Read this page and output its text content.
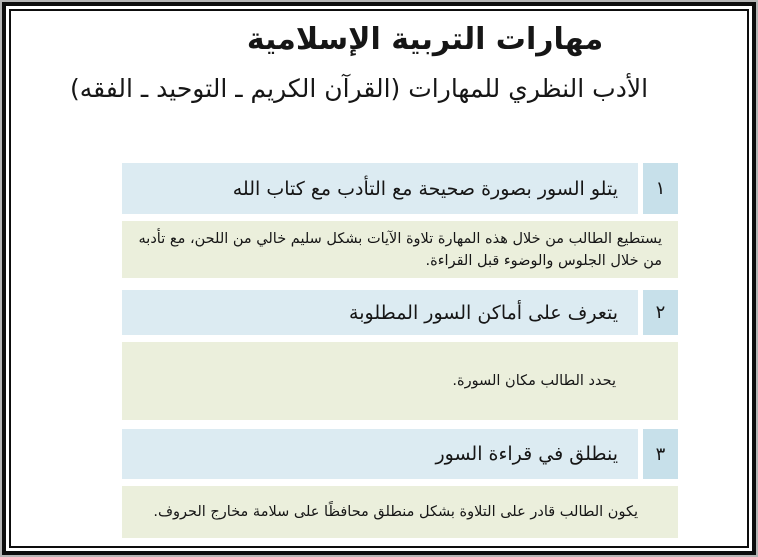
مهارات التربية الإسلامية
الأدب النظري للمهارات (القرآن الكريم ـ التوحيد ـ الفقه)
١
يتلو السور بصورة صحيحة مع التأدب مع كتاب الله
يستطيع الطالب من خلال هذه المهارة تلاوة الآيات بشكل سليم خالي من اللحن، مع تأدبه من خلال الجلوس والوضوء قبل القراءة.
٢
يتعرف على أماكن السور المطلوبة
يحدد الطالب مكان السورة.
٣
ينطلق في قراءة السور
يكون الطالب قادر على التلاوة بشكل منطلق محافظًا على سلامة مخارج الحروف.
